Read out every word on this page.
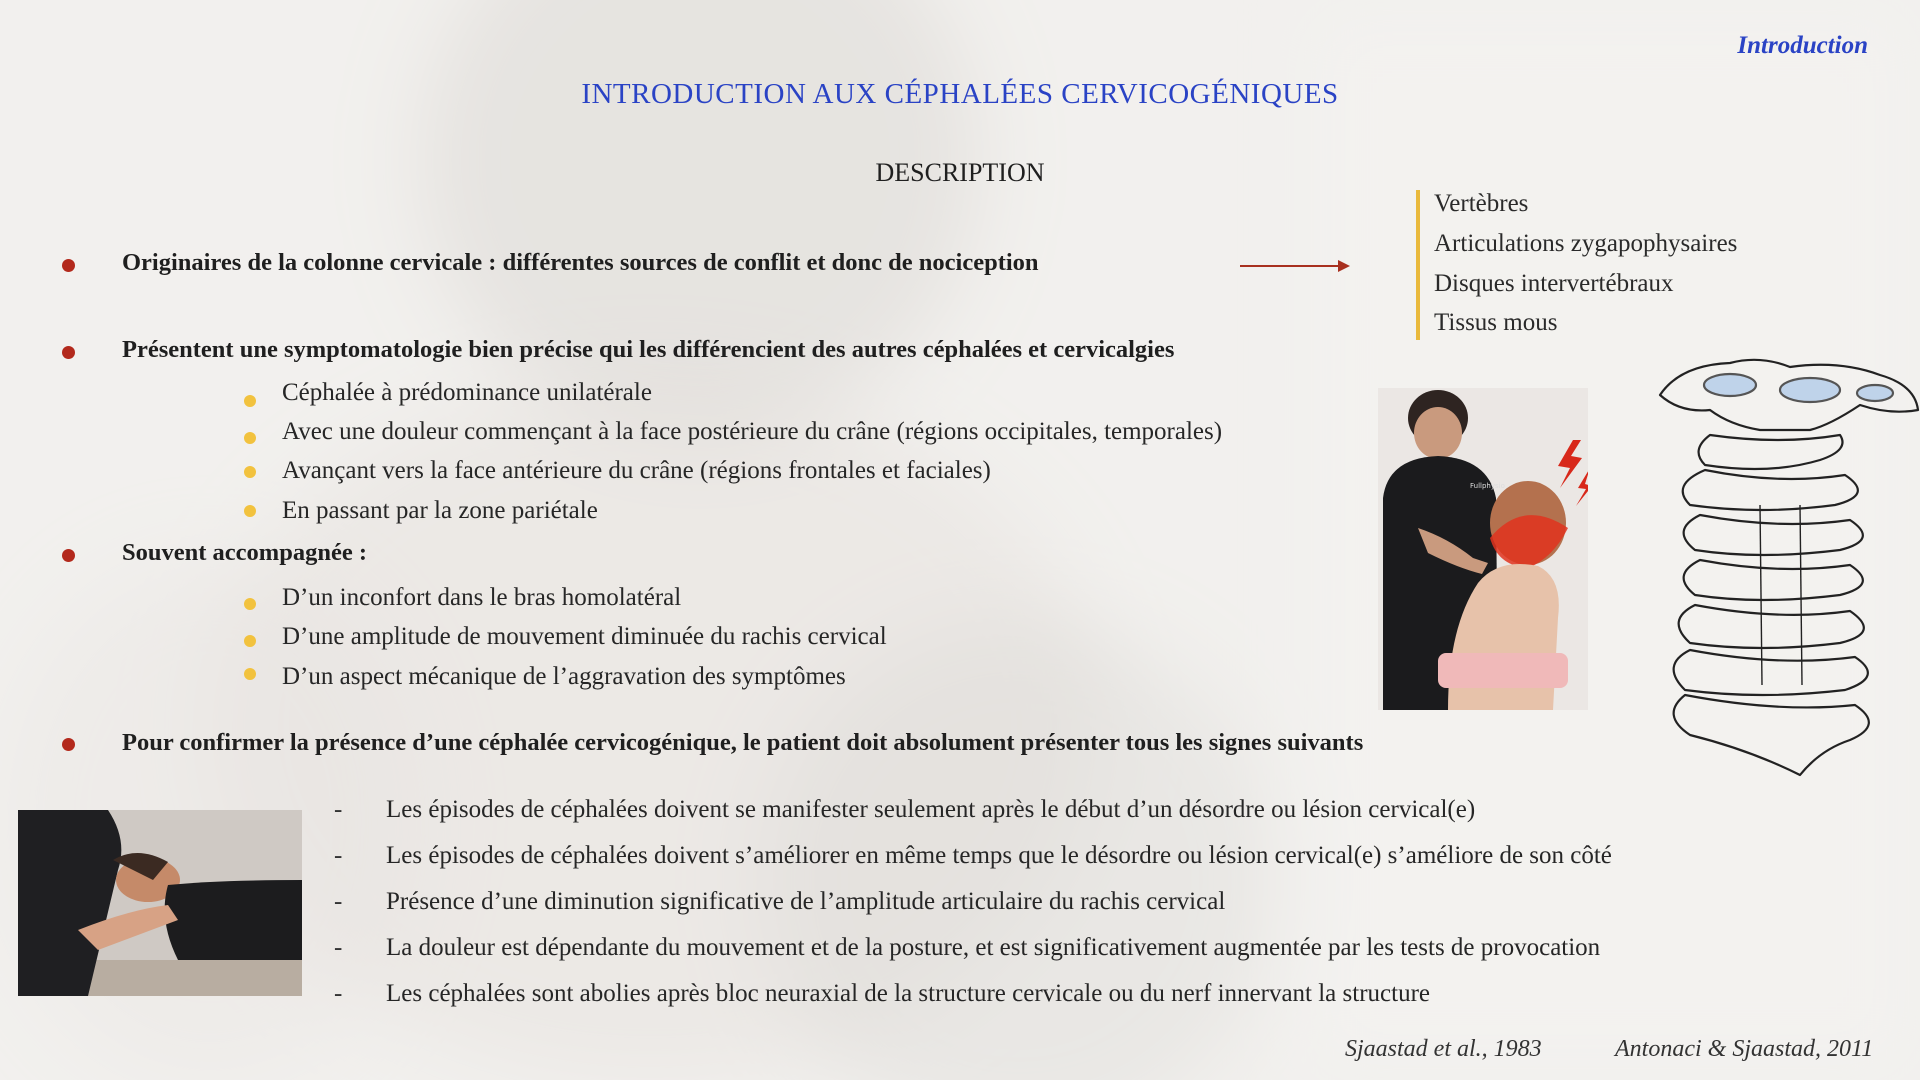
Introduction
INTRODUCTION AUX CÉPHALÉES CERVICOGÉNIQUES
DESCRIPTION
Originaires de la colonne cervicale : différentes sources de conflit et donc de nociception
Vertèbres
Articulations zygapophysaires
Disques intervertébraux
Tissus mous
Présentent une symptomatologie bien précise qui les différencient des autres céphalées et cervicalgies
Céphalée à prédominance unilatérale
Avec une douleur commençant à la face postérieure du crâne (régions occipitales, temporales)
Avançant vers la face antérieure du crâne (régions frontales et faciales)
En passant par la zone pariétale
Souvent accompagnée :
D’un inconfort dans le bras homolatéral
D’une amplitude de mouvement diminuée du rachis cervical
D’un aspect mécanique de l’aggravation des symptômes
Pour confirmer la présence d’une céphalée cervicogénique, le patient doit absolument présenter tous les signes suivants
- Les épisodes de céphalées doivent se manifester seulement après le début d’un désordre ou lésion cervical(e)
- Les épisodes de céphalées doivent s’améliorer en même temps que le désordre ou lésion cervical(e) s’améliore de son côté
- Présence d’une diminution significative de l’amplitude articulaire du rachis cervical
- La douleur est dépendante du mouvement et de la posture, et est significativement augmentée par les tests de provocation
- Les céphalées sont abolies après bloc neuraxial de la structure cervicale ou du nerf innervant la structure
Sjaastad et al., 1983	Antonaci & Sjaastad, 2011
Fullphysio
